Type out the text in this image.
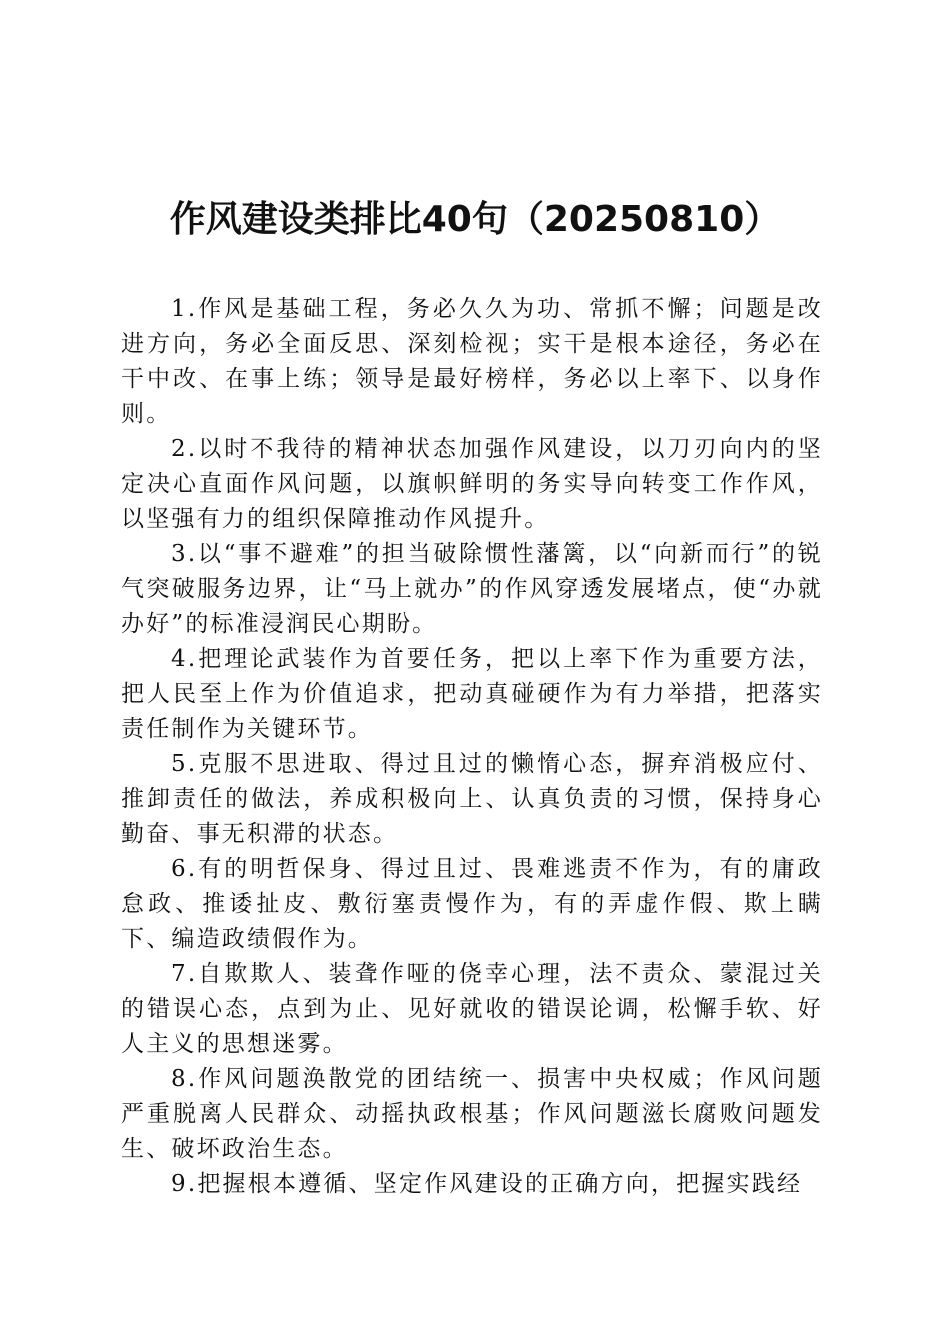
作风建设类排比40句（20250810）

1.作风是基础工程，务必久久为功、常抓不懈；问题是改进方向，务必全面反思、深刻检视；实干是根本途径，务必在干中改、在事上练；领导是最好榜样，务必以上率下、以身作则。

2.以时不我待的精神状态加强作风建设，以刀刃向内的坚定决心直面作风问题，以旗帜鲜明的务实导向转变工作作风，以坚强有力的组织保障推动作风提升。

3.以“事不避难”的担当破除惯性藩篱，以“向新而行”的锐气突破服务边界，让“马上就办”的作风穿透发展堵点，使“办就办好”的标准浸润民心期盼。

4.把理论武装作为首要任务，把以上率下作为重要方法，把人民至上作为价值追求，把动真碰硬作为有力举措，把落实责任制作为关键环节。

5.克服不思进取、得过且过的懒惰心态，摒弃消极应付、推卸责任的做法，养成积极向上、认真负责的习惯，保持身心勤奋、事无积滞的状态。

6.有的明哲保身、得过且过、畏难逃责不作为，有的庸政怠政、推诿扯皮、敷衍塞责慢作为，有的弄虚作假、欺上瞒下、编造政绩假作为。

7.自欺欺人、装聋作哑的侥幸心理，法不责众、蒙混过关的错误心态，点到为止、见好就收的错误论调，松懈手软、好人主义的思想迷雾。

8.作风问题涣散党的团结统一、损害中央权威；作风问题严重脱离人民群众、动摇执政根基；作风问题滋长腐败问题发生、破坏政治生态。

9.把握根本遵循、坚定作风建设的正确方向，把握实践经
